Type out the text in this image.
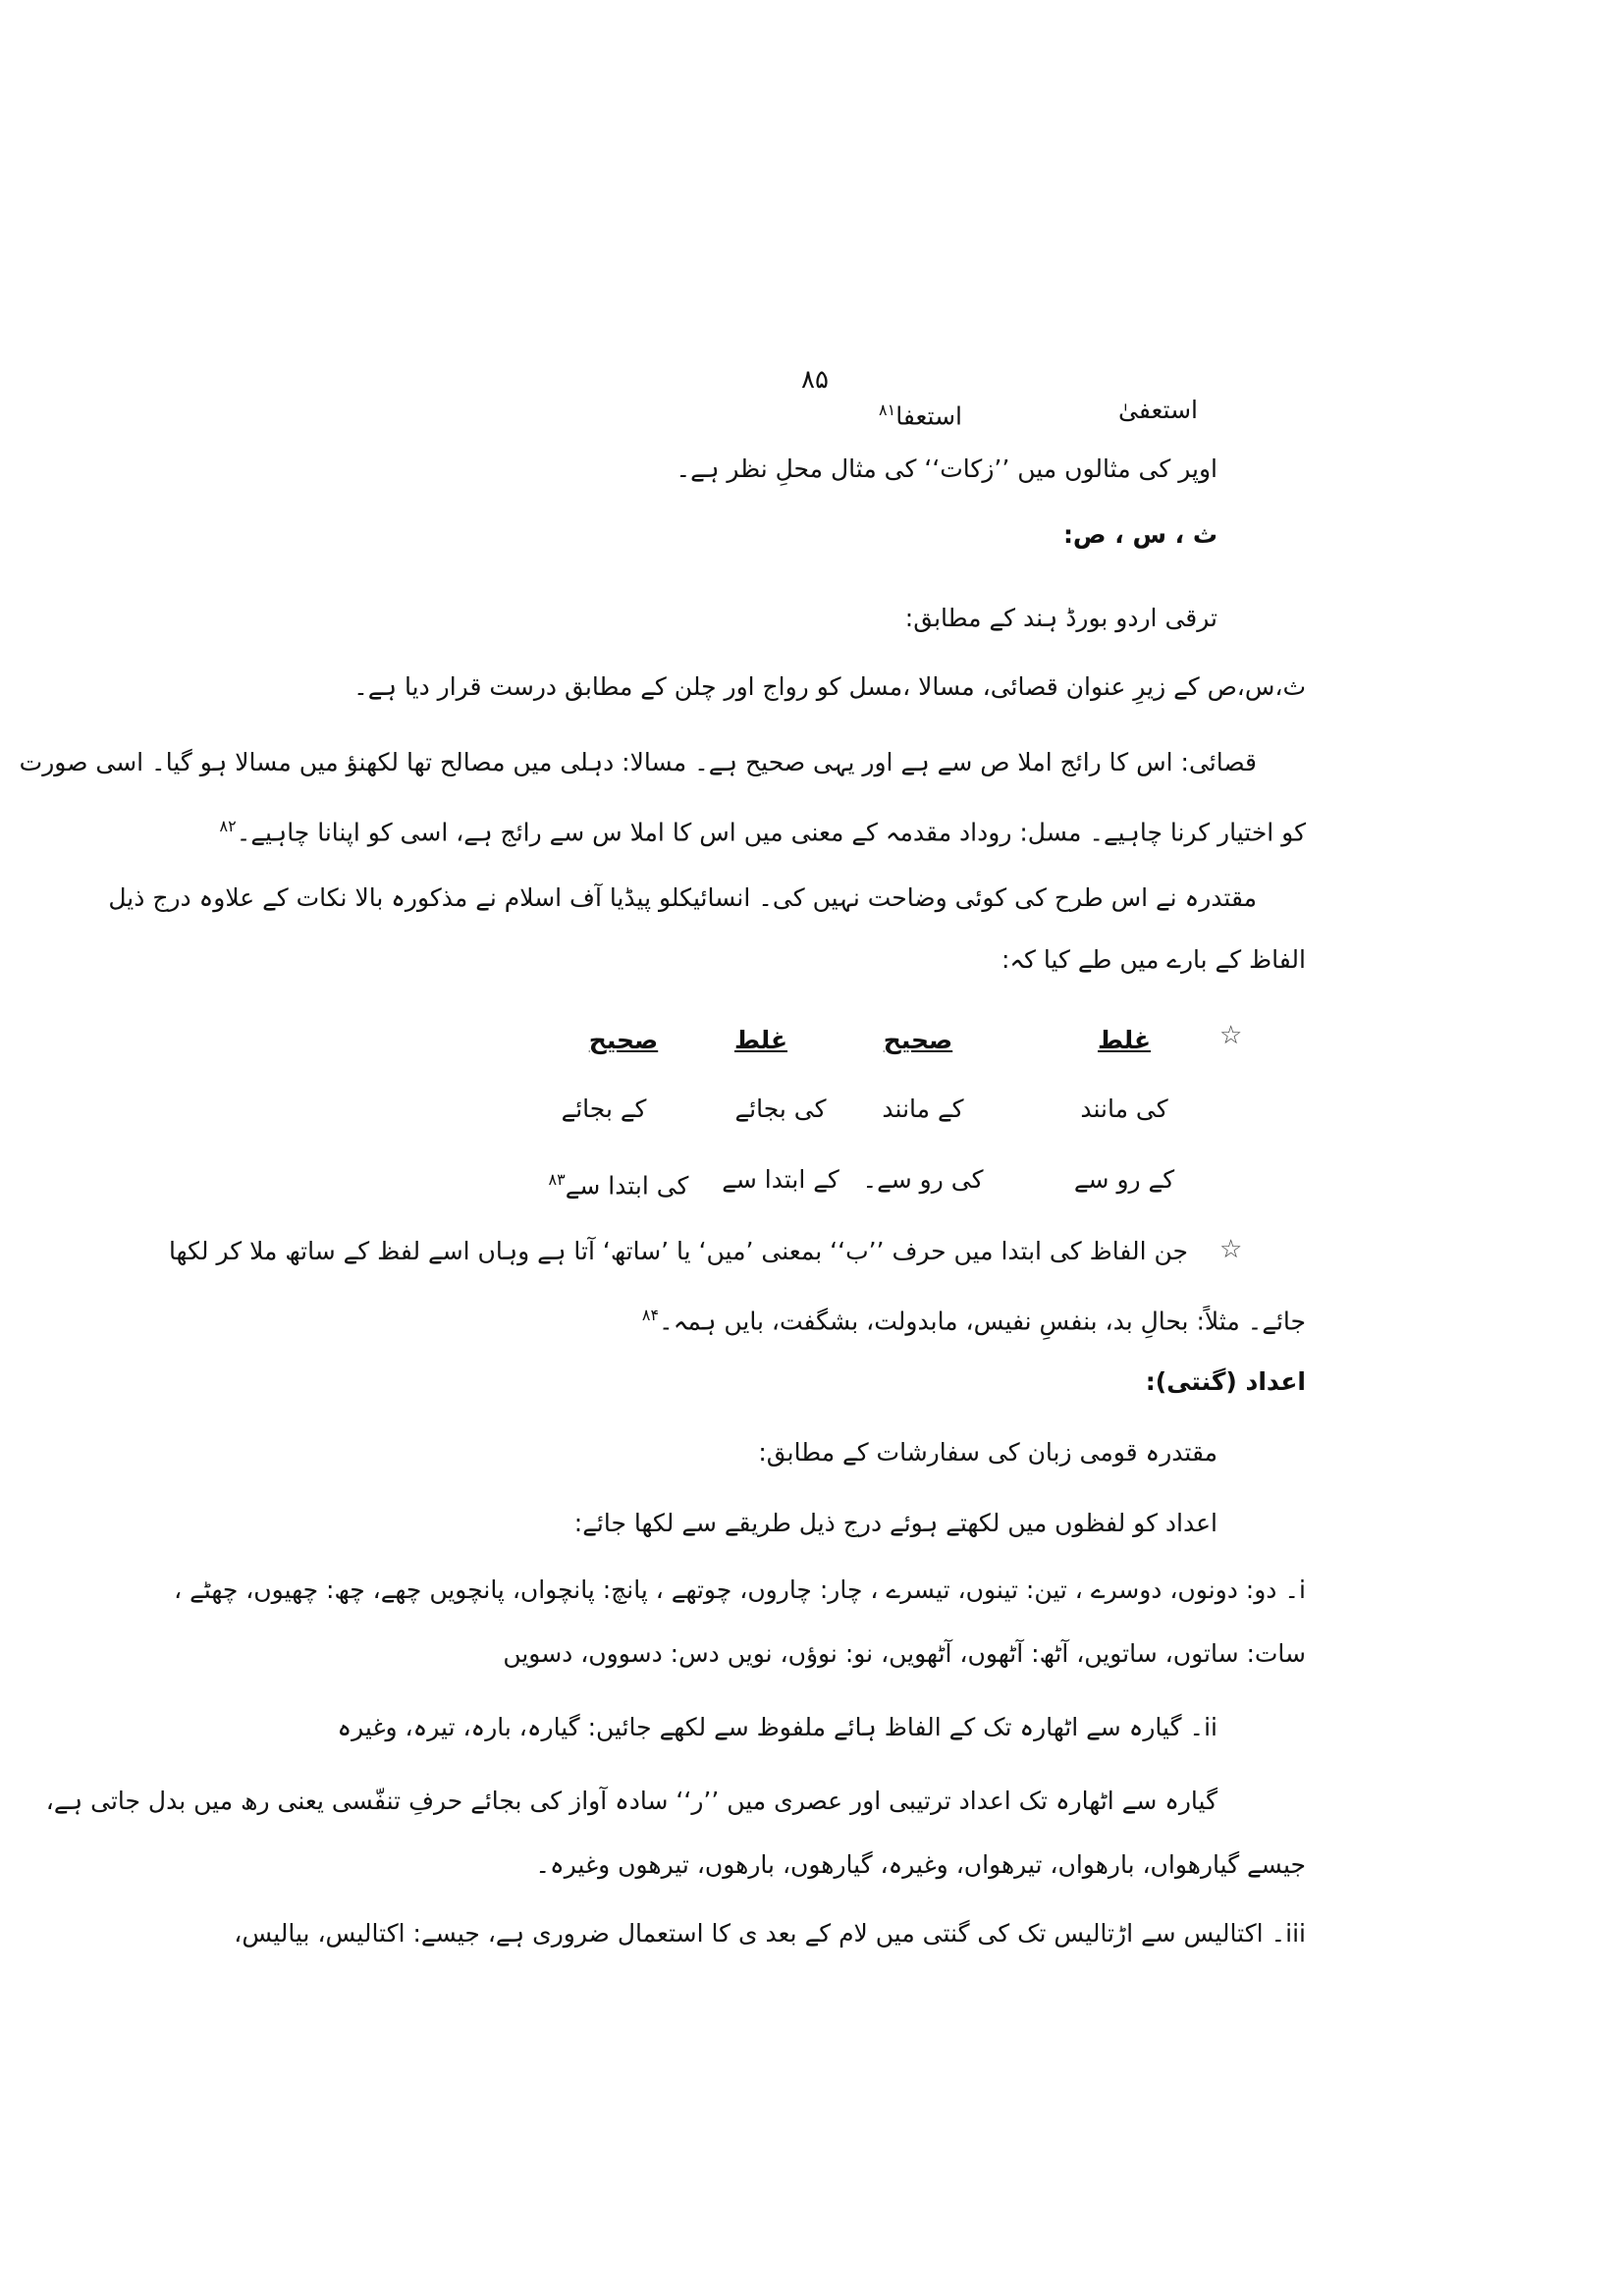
۸۵
استعفیٰ
استعفا$^{۸۱}$
اوپر کی مثالوں میں ’’زکات‘‘ کی مثال محلِ نظر ہے۔
ث ، س ، ص:
ترقی اردو بورڈ ہند کے مطابق:
ث،س،ص کے زیرِ عنوان قصائی، مسالا ،مسل کو رواج اور چلن کے مطابق درست قرار دیا ہے۔
قصائی: اس کا رائج املا ص سے ہے اور یہی صحیح ہے۔ مسالا: دہلی میں مصالح تھا لکھنؤ میں مسالا ہو گیا۔ اسی صورت
کو اختیار کرنا چاہیے۔ مسل: روداد مقدمہ کے معنی میں اس کا املا س سے رائج ہے، اسی کو اپنانا چاہیے۔$^{۸۲}$
مقتدرہ نے اس طرح کی کوئی وضاحت نہیں کی۔ انسائیکلو پیڈیا آف اسلام نے مذکورہ بالا نکات کے علاوہ درج ذیل
الفاظ کے بارے میں طے کیا کہ:
☆
غلط
صحیح
غلط
صحیح
کی مانند
کے مانند
کی بجائے
کے بجائے
کے رو سے
کی رو سے۔
کے ابتدا سے
کی ابتدا سے$^{۸۳}$
☆
جن الفاظ کی ابتدا میں حرف ’’ب‘‘ بمعنی ’میں‘ یا ’ساتھ‘ آتا ہے وہاں اسے لفظ کے ساتھ ملا کر لکھا
جائے۔ مثلاً: بحالِ بد، بنفسِ نفیس، مابدولت، بشگفت، بایں ہمہ۔$^{۸۴}$
اعداد (گنتی):
مقتدرہ قومی زبان کی سفارشات کے مطابق:
اعداد کو لفظوں میں لکھتے ہوئے درج ذیل طریقے سے لکھا جائے:
i۔ دو: دونوں، دوسرے ، تین: تینوں، تیسرے ، چار: چاروں، چوتھے ، پانچ: پانچواں، پانچویں چھے، چھ: چھیوں، چھٹے ،
سات: ساتوں، ساتویں، آٹھ: آٹھوں، آٹھویں، نو: نوؤں، نویں دس: دسووں، دسویں
ii۔ گیارہ سے اٹھارہ تک کے الفاظ ہائے ملفوظ سے لکھے جائیں: گیارہ، بارہ، تیرہ، وغیرہ
گیارہ سے اٹھارہ تک اعداد ترتیبی اور عصری میں ’’ر‘‘ سادہ آواز کی بجائے حرفِ تنفّسی یعنی رھ میں بدل جاتی ہے،
جیسے گیارھواں، بارھواں، تیرھواں، وغیرہ، گیارھوں، بارھوں، تیرھوں وغیرہ۔
iii۔ اکتالیس سے اڑتالیس تک کی گنتی میں لام کے بعد ی کا استعمال ضروری ہے، جیسے: اکتالیس، بیالیس،
